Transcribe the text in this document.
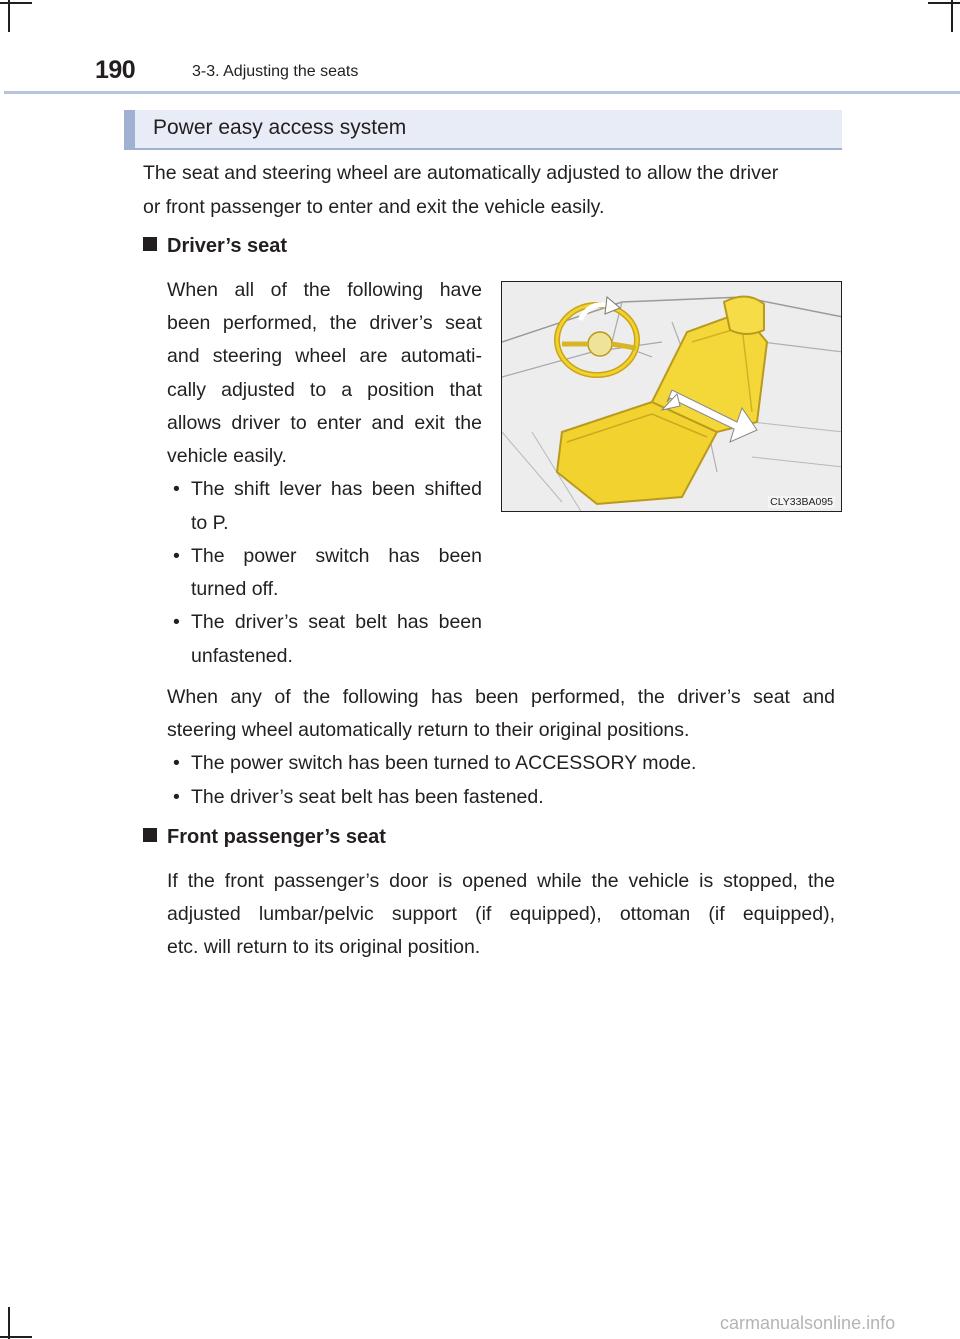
190	3-3. Adjusting the seats
Power easy access system
The seat and steering wheel are automatically adjusted to allow the driver
or front passenger to enter and exit the vehicle easily.
Driver’s seat
When all of the following have
been performed, the driver’s seat
and steering wheel are automati-
cally adjusted to a position that
allows driver to enter and exit the
vehicle easily.
• The shift lever has been shifted
to P.
• The power switch has been
turned off.
• The driver’s seat belt has been
unfastened.
CLY33BA095
When any of the following has been performed, the driver’s seat and
steering wheel automatically return to their original positions.
• The power switch has been turned to ACCESSORY mode.
• The driver’s seat belt has been fastened.
Front passenger’s seat
If the front passenger’s door is opened while the vehicle is stopped, the
adjusted lumbar/pelvic support (if equipped), ottoman (if equipped),
etc. will return to its original position.
carmanualsonline.info
